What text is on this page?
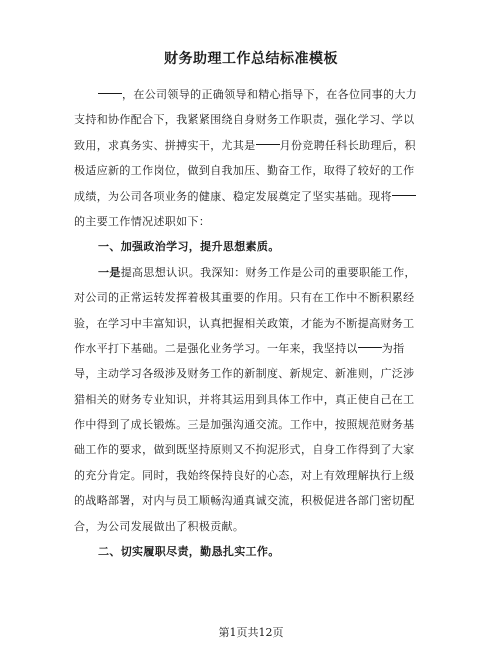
财务助理工作总结标准模板
，在公司领导的正确领导和精心指导下，在各位同事的大力
支持和协作配合下，我紧紧围绕自身财务工作职责，强化学习、学以
致用，求真务实、拼搏实干，尤其是 月份竞聘任科长助理后，积
极适应新的工作岗位，做到自我加压、勤奋工作，取得了较好的工作
成绩，为公司各项业务的健康、稳定发展奠定了坚实基础。现将
的主要工作情况述职如下：
一、加强政治学习，提升思想素质。
一是提高思想认识。我深知：财务工作是公司的重要职能工作，
对公司的正常运转发挥着极其重要的作用。只有在工作中不断积累经
验，在学习中丰富知识，认真把握相关政策，才能为不断提高财务工
作水平打下基础。二是强化业务学习。一年来，我坚持以 为指
导，主动学习各级涉及财务工作的新制度、新规定、新准则，广泛涉
猎相关的财务专业知识，并将其运用到具体工作中，真正使自己在工
作中得到了成长锻炼。三是加强沟通交流。工作中，按照规范财务基
础工作的要求，做到既坚持原则又不拘泥形式，自身工作得到了大家
的充分肯定。同时，我始终保持良好的心态，对上有效理解执行上级
的战略部署，对内与员工顺畅沟通真诚交流，积极促进各部门密切配
合，为公司发展做出了积极贡献。
二、切实履职尽责，勤恳扎实工作。
第1页共12页
